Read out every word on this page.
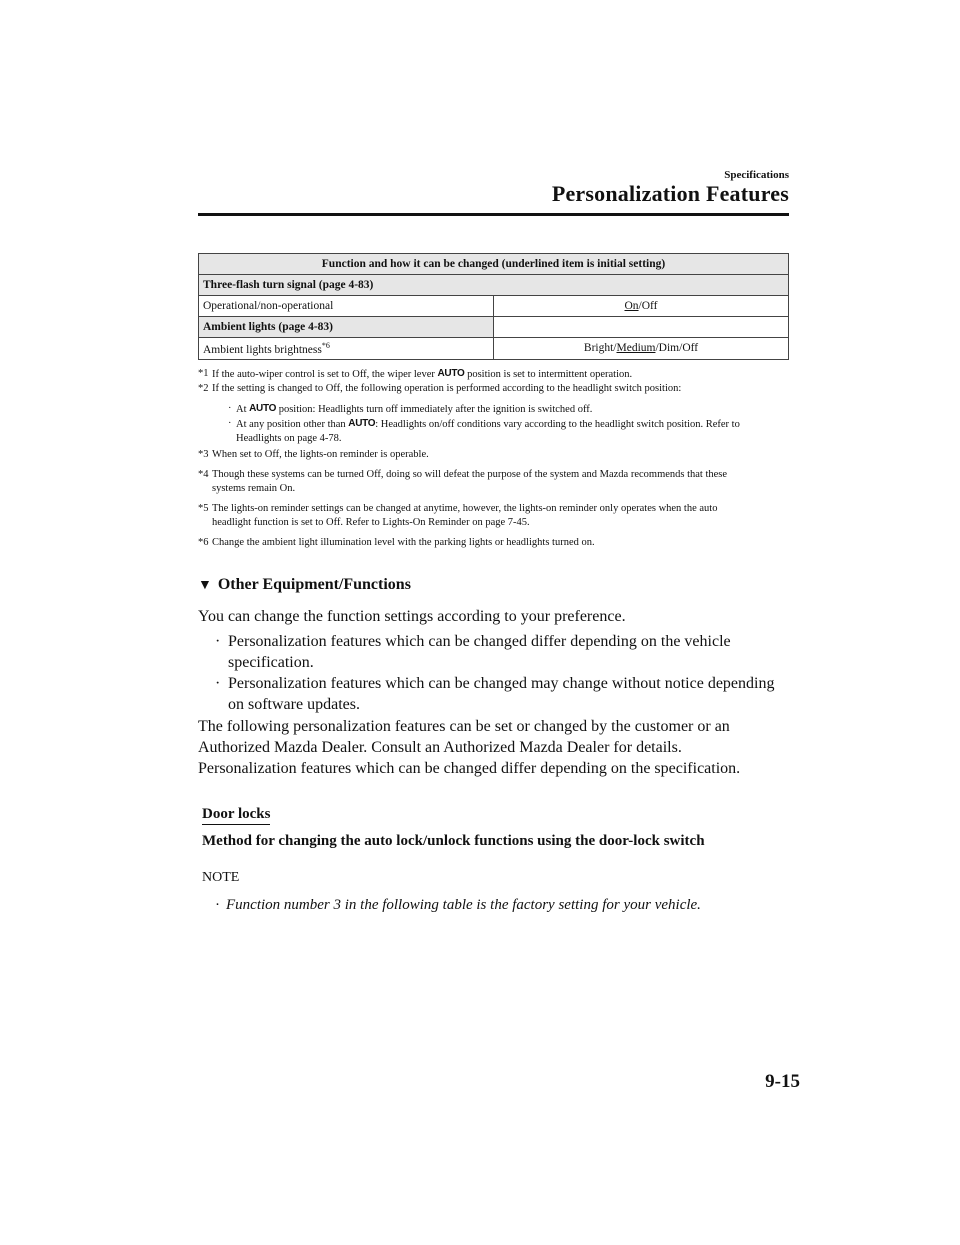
Specifications
Personalization Features
Function and how it can be changed (underlined item is initial setting)	
Three-flash turn signal (page 4-83)	
Operational/non-operational	On/Off
Ambient lights (page 4-83)	
Ambient lights brightness$^{*6}$	Bright/Medium/Dim/Off
*1 If the auto-wiper control is set to Off, the wiper lever AUTO position is set to intermittent operation.
*2 If the setting is changed to Off, the following operation is performed according to the headlight switch position:
· At AUTO position: Headlights turn off immediately after the ignition is switched off.
· At any position other than AUTO: Headlights on/off conditions vary according to the headlight switch position. Refer to Headlights on page 4-78.
*3 When set to Off, the lights-on reminder is operable.
*4 Though these systems can be turned Off, doing so will defeat the purpose of the system and Mazda recommends that these systems remain On.
*5 The lights-on reminder settings can be changed at anytime, however, the lights-on reminder only operates when the auto headlight function is set to Off. Refer to Lights-On Reminder on page 7-45.
*6 Change the ambient light illumination level with the parking lights or headlights turned on.
▼ Other Equipment/Functions
You can change the function settings according to your preference.
· Personalization features which can be changed differ depending on the vehicle specification.
· Personalization features which can be changed may change without notice depending on software updates.
The following personalization features can be set or changed by the customer or an Authorized Mazda Dealer. Consult an Authorized Mazda Dealer for details. Personalization features which can be changed differ depending on the specification.
Door locks
Method for changing the auto lock/unlock functions using the door-lock switch
NOTE
· Function number 3 in the following table is the factory setting for your vehicle.
9-15
